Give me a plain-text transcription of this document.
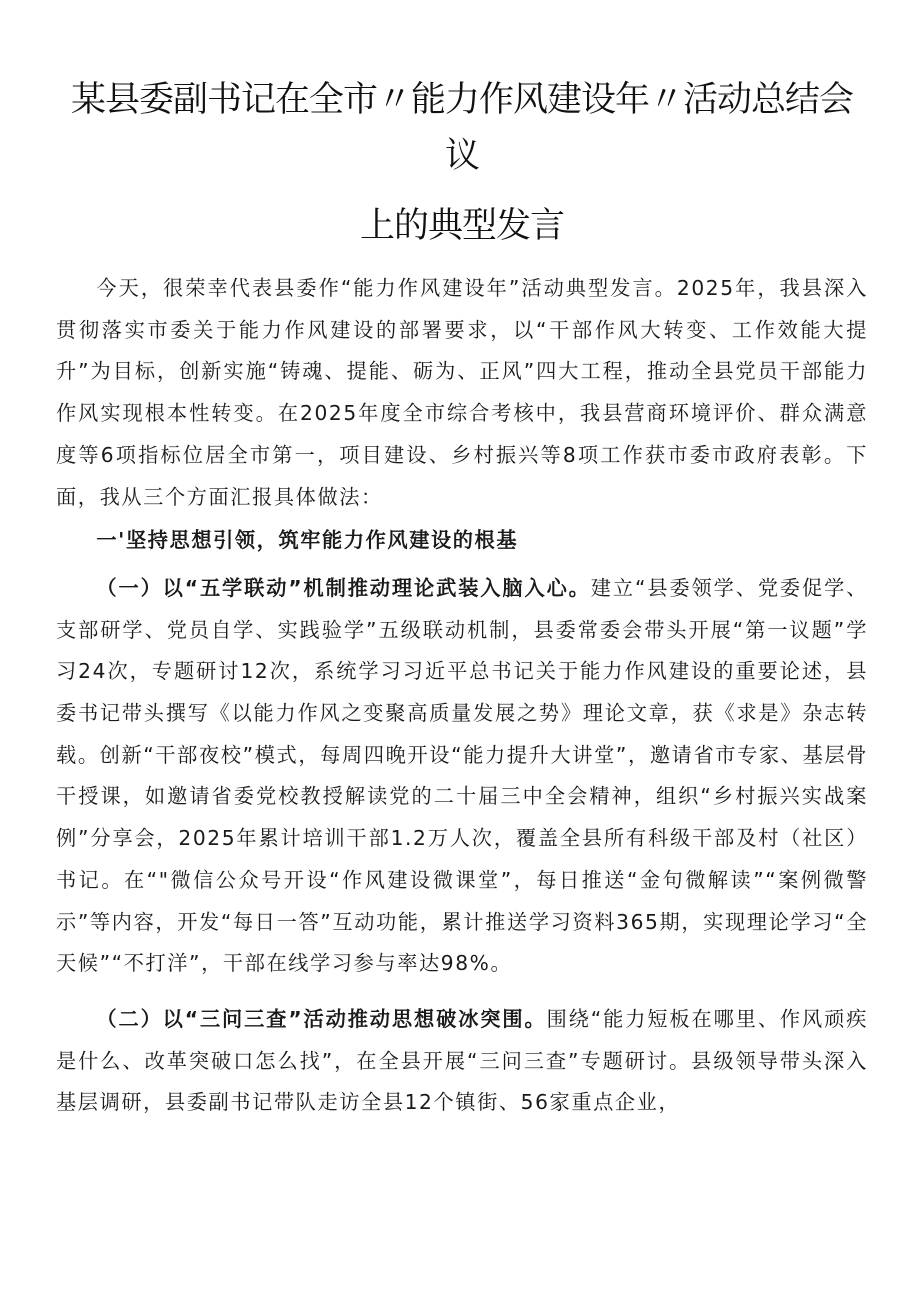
某县委副书记在全市〃能力作风建设年〃活动总结会议
上的典型发言

今天，很荣幸代表县委作“能力作风建设年”活动典型发言。2025年，我县深入贯彻落实市委关于能力作风建设的部署要求，以“干部作风大转变、工作效能大提升”为目标，创新实施“铸魂、提能、砺为、正风”四大工程，推动全县党员干部能力作风实现根本性转变。在2025年度全市综合考核中，我县营商环境评价、群众满意度等6项指标位居全市第一，项目建设、乡村振兴等8项工作获市委市政府表彰。下面，我从三个方面汇报具体做法：

一'坚持思想引领，筑牢能力作风建设的根基

（一）以“五学联动”机制推动理论武装入脑入心。建立“县委领学、党委促学、支部研学、党员自学、实践验学”五级联动机制，县委常委会带头开展“第一议题”学习24次，专题研讨12次，系统学习习近平总书记关于能力作风建设的重要论述，县委书记带头撰写《以能力作风之变聚高质量发展之势》理论文章，获《求是》杂志转载。创新“干部夜校”模式，每周四晚开设“能力提升大讲堂”，邀请省市专家、基层骨干授课，如邀请省委党校教授解读党的二十届三中全会精神，组织“乡村振兴实战案例”分享会，2025年累计培训干部1.2万人次，覆盖全县所有科级干部及村（社区）书记。在“"微信公众号开设“作风建设微课堂”，每日推送“金句微解读”“案例微警示”等内容，开发“每日一答”互动功能，累计推送学习资料365期，实现理论学习“全天候”“不打洋”，干部在线学习参与率达98%。

（二）以“三问三查”活动推动思想破冰突围。围绕“能力短板在哪里、作风顽疾是什么、改革突破口怎么找”，在全县开展“三问三查”专题研讨。县级领导带头深入基层调研，县委副书记带队走访全县12个镇街、56家重点企业，
